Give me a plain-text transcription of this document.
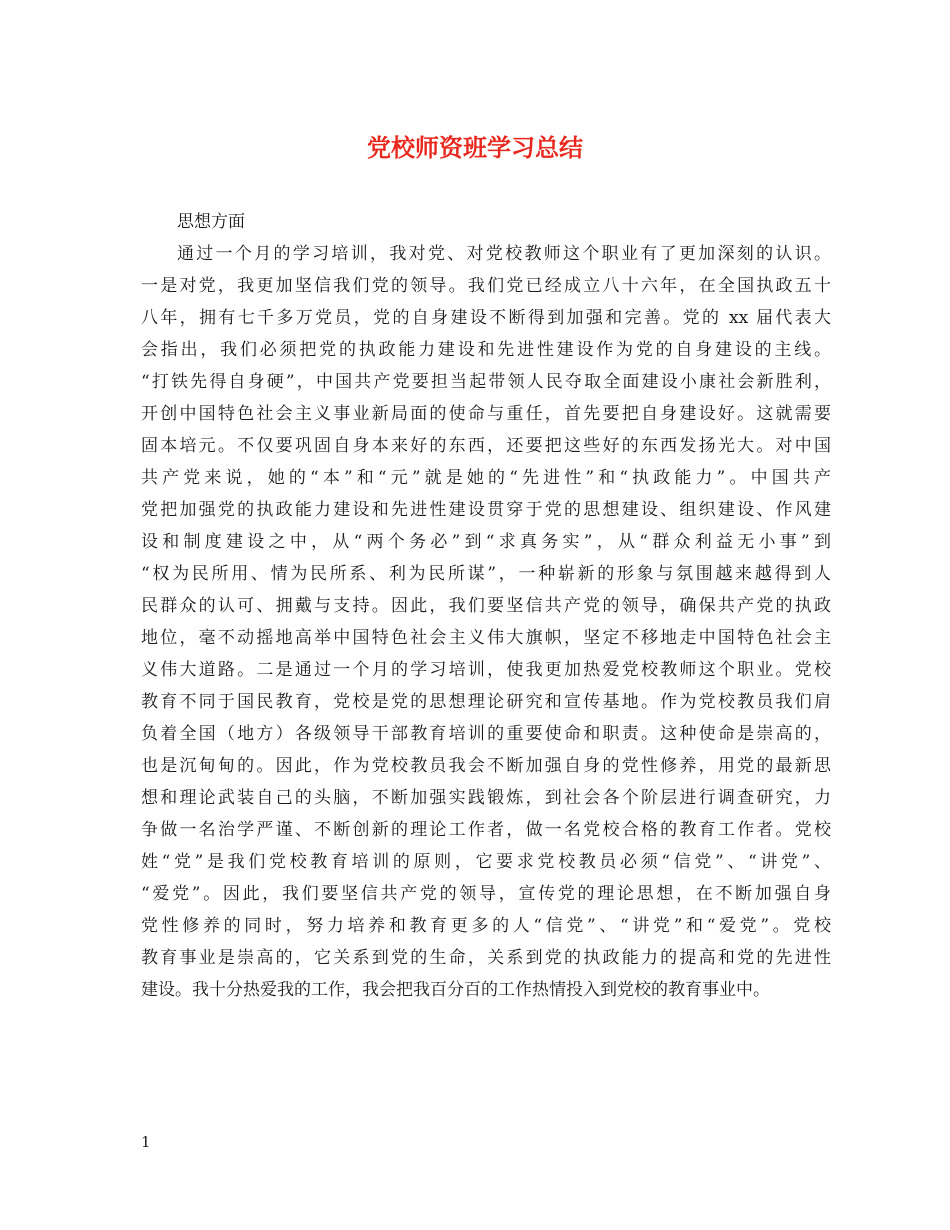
党校师资班学习总结

思想方面

通过一个月的学习培训，我对党、对党校教师这个职业有了更加深刻的认识。

一是对党，我更加坚信我们党的领导。我们党已经成立八十六年，在全国执政五十

八年，拥有七千多万党员，党的自身建设不断得到加强和完善。党的 xx 届代表大

会指出，我们必须把党的执政能力建设和先进性建设作为党的自身建设的主线。

“打铁先得自身硬”，中国共产党要担当起带领人民夺取全面建设小康社会新胜利，

开创中国特色社会主义事业新局面的使命与重任，首先要把自身建设好。这就需要

固本培元。不仅要巩固自身本来好的东西，还要把这些好的东西发扬光大。对中国

共产党来说，她的“本”和“元”就是她的“先进性”和“执政能力”。中国共产

党把加强党的执政能力建设和先进性建设贯穿于党的思想建设、组织建设、作风建

设和制度建设之中，从“两个务必”到“求真务实”，从“群众利益无小事”到

“权为民所用、情为民所系、利为民所谋”，一种崭新的形象与氛围越来越得到人

民群众的认可、拥戴与支持。因此，我们要坚信共产党的领导，确保共产党的执政

地位，毫不动摇地高举中国特色社会主义伟大旗帜，坚定不移地走中国特色社会主

义伟大道路。二是通过一个月的学习培训，使我更加热爱党校教师这个职业。党校

教育不同于国民教育，党校是党的思想理论研究和宣传基地。作为党校教员我们肩

负着全国（地方）各级领导干部教育培训的重要使命和职责。这种使命是崇高的，

也是沉甸甸的。因此，作为党校教员我会不断加强自身的党性修养，用党的最新思

想和理论武装自己的头脑，不断加强实践锻炼，到社会各个阶层进行调查研究，力

争做一名治学严谨、不断创新的理论工作者，做一名党校合格的教育工作者。党校

姓“党”是我们党校教育培训的原则，它要求党校教员必须“信党”、“讲党”、

“爱党”。因此，我们要坚信共产党的领导，宣传党的理论思想，在不断加强自身

党性修养的同时，努力培养和教育更多的人“信党”、“讲党”和“爱党”。党校

教育事业是崇高的，它关系到党的生命，关系到党的执政能力的提高和党的先进性

建设。我十分热爱我的工作，我会把我百分百的工作热情投入到党校的教育事业中。

1
